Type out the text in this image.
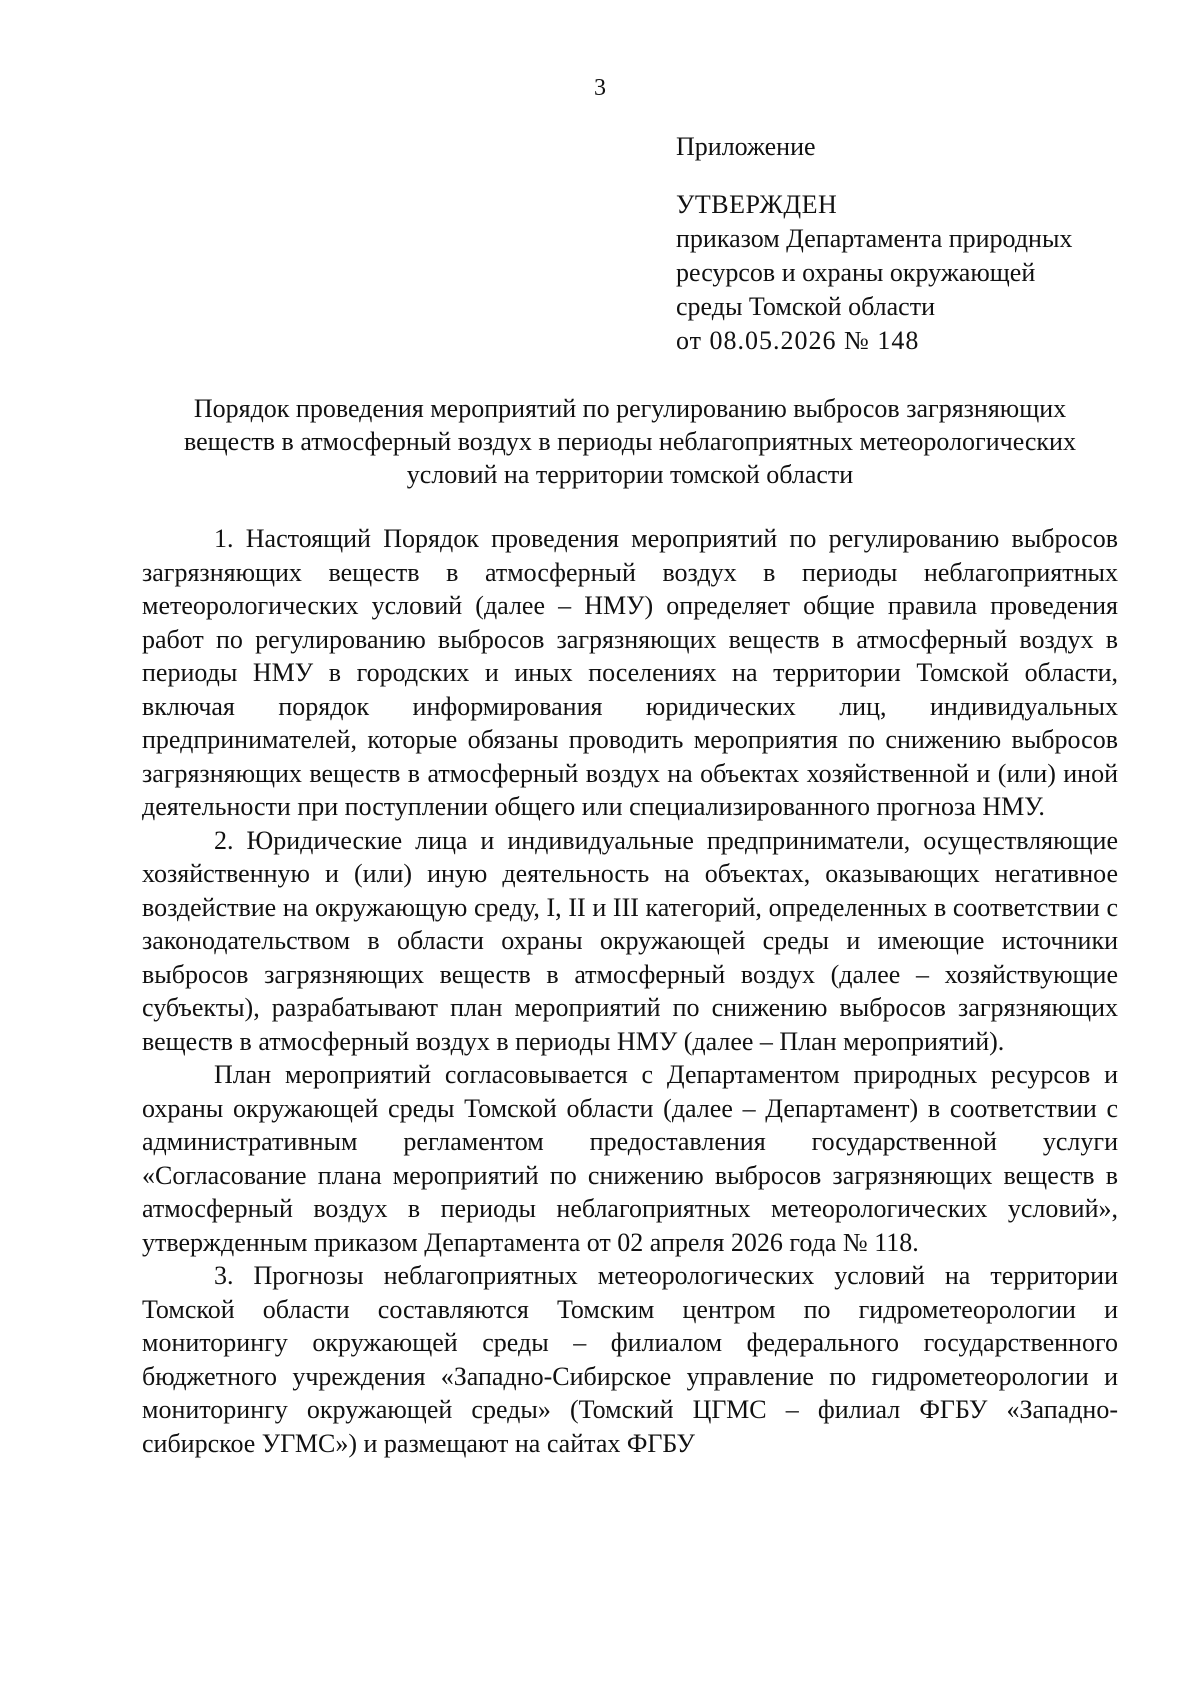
3
Приложение
УТВЕРЖДЕН
приказом Департамента природных
ресурсов и охраны окружающей
среды Томской области
от 08.05.2026 № 148
Порядок проведения мероприятий по регулированию выбросов загрязняющих
веществ в атмосферный воздух в периоды неблагоприятных метеорологических
условий на территории томской области

1. Настоящий Порядок проведения мероприятий по регулированию выбросов загрязняющих веществ в атмосферный воздух в периоды неблагоприятных метеорологических условий (далее – НМУ) определяет общие правила проведения работ по регулированию выбросов загрязняющих веществ в атмосферный воздух в периоды НМУ в городских и иных поселениях на территории Томской области, включая порядок информирования юридических лиц, индивидуальных предпринимателей, которые обязаны проводить мероприятия по снижению выбросов загрязняющих веществ в атмосферный воздух на объектах хозяйственной и (или) иной деятельности при поступлении общего или специализированного прогноза НМУ.

2. Юридические лица и индивидуальные предприниматели, осуществляющие хозяйственную и (или) иную деятельность на объектах, оказывающих негативное воздействие на окружающую среду, I, II и III категорий, определенных в соответствии с законодательством в области охраны окружающей среды и имеющие источники выбросов загрязняющих веществ в атмосферный воздух (далее – хозяйствующие субъекты), разрабатывают план мероприятий по снижению выбросов загрязняющих веществ в атмосферный воздух в периоды НМУ (далее – План мероприятий).

План мероприятий согласовывается с Департаментом природных ресурсов и охраны окружающей среды Томской области (далее – Департамент) в соответствии с административным регламентом предоставления государственной услуги «Согласование плана мероприятий по снижению выбросов загрязняющих веществ в атмосферный воздух в периоды неблагоприятных метеорологических условий», утвержденным приказом Департамента от 02 апреля 2026 года № 118.

3. Прогнозы неблагоприятных метеорологических условий на территории Томской области составляются Томским центром по гидрометеорологии и мониторингу окружающей среды – филиалом федерального государственного бюджетного учреждения «Западно-Сибирское управление по гидрометеорологии и мониторингу окружающей среды» (Томский ЦГМС – филиал ФГБУ «Западно-сибирское УГМС») и размещают на сайтах ФГБУ
